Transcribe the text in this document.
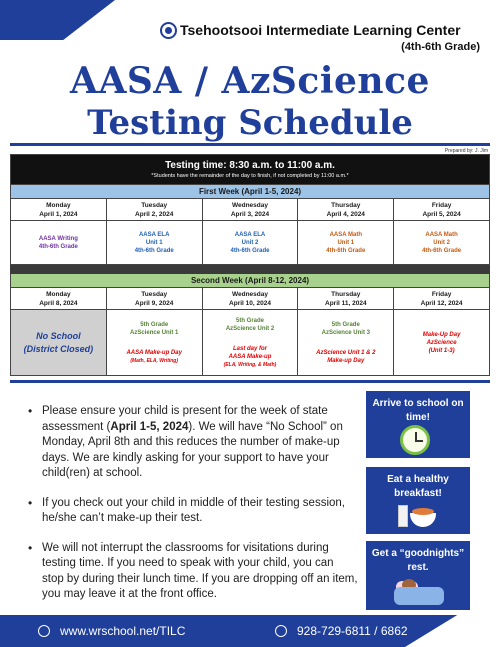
Tsehootsooi Intermediate Learning Center
(4th-6th Grade)
AASA / AzScience
Testing Schedule
Prepared by: J. Jim
Testing time: 8:30 a.m. to 11:00 a.m.
*Students have the remainder of the day to finish, if not completed by 11:00 a.m.*				

First Week (April 1-5, 2024)				
Monday
April 1, 2024	Tuesday
April 2, 2024	Wednesday
April 3, 2024	Thursday
April 4, 2024	Friday
April 5, 2024
AASA Writing
4th-6th Grade	AASA ELA
Unit 1
4th-6th Grade	AASA ELA
Unit 2
4th-6th Grade	AASA Math
Unit 1
4th-6th Grade	AASA Math
Unit 2
4th-6th Grade

Second Week (April 8-12, 2024)				
Monday
April 8, 2024	Tuesday
April 9, 2024	Wednesday
April 10, 2024	Thursday
April 11, 2024	Friday
April 12, 2024
No School
(District Closed)	5th Grade
AzScience Unit 1
AASA Make-up Day
(Math, ELA, Writing)	5th Grade
AzScience Unit 2
Last day for
AASA Make-up
(ELA, Writing, & Math)	5th Grade
AzScience Unit 3
AzScience Unit 1 & 2
Make-up Day	Make-Up Day
AzScience
(Unit 1-3)
• Please ensure your child is present for the week of state assessment (April 1-5, 2024). We will have “No School” on Monday, April 8th and this reduces the number of make-up days. We are kindly asking for your support to have your child(ren) at school.
• If you check out your child in middle of their testing session, he/she can’t make-up their test.
• We will not interrupt the classrooms for visitations during testing time. If you need to speak with your child, you can stop by during their lunch time. If you are dropping off an item, you may leave it at the front office.
Arrive to school on time!
Eat a healthy breakfast!
Get a “goodnights” rest.
www.wrschool.net/TILC	928-729-6811 / 6862
